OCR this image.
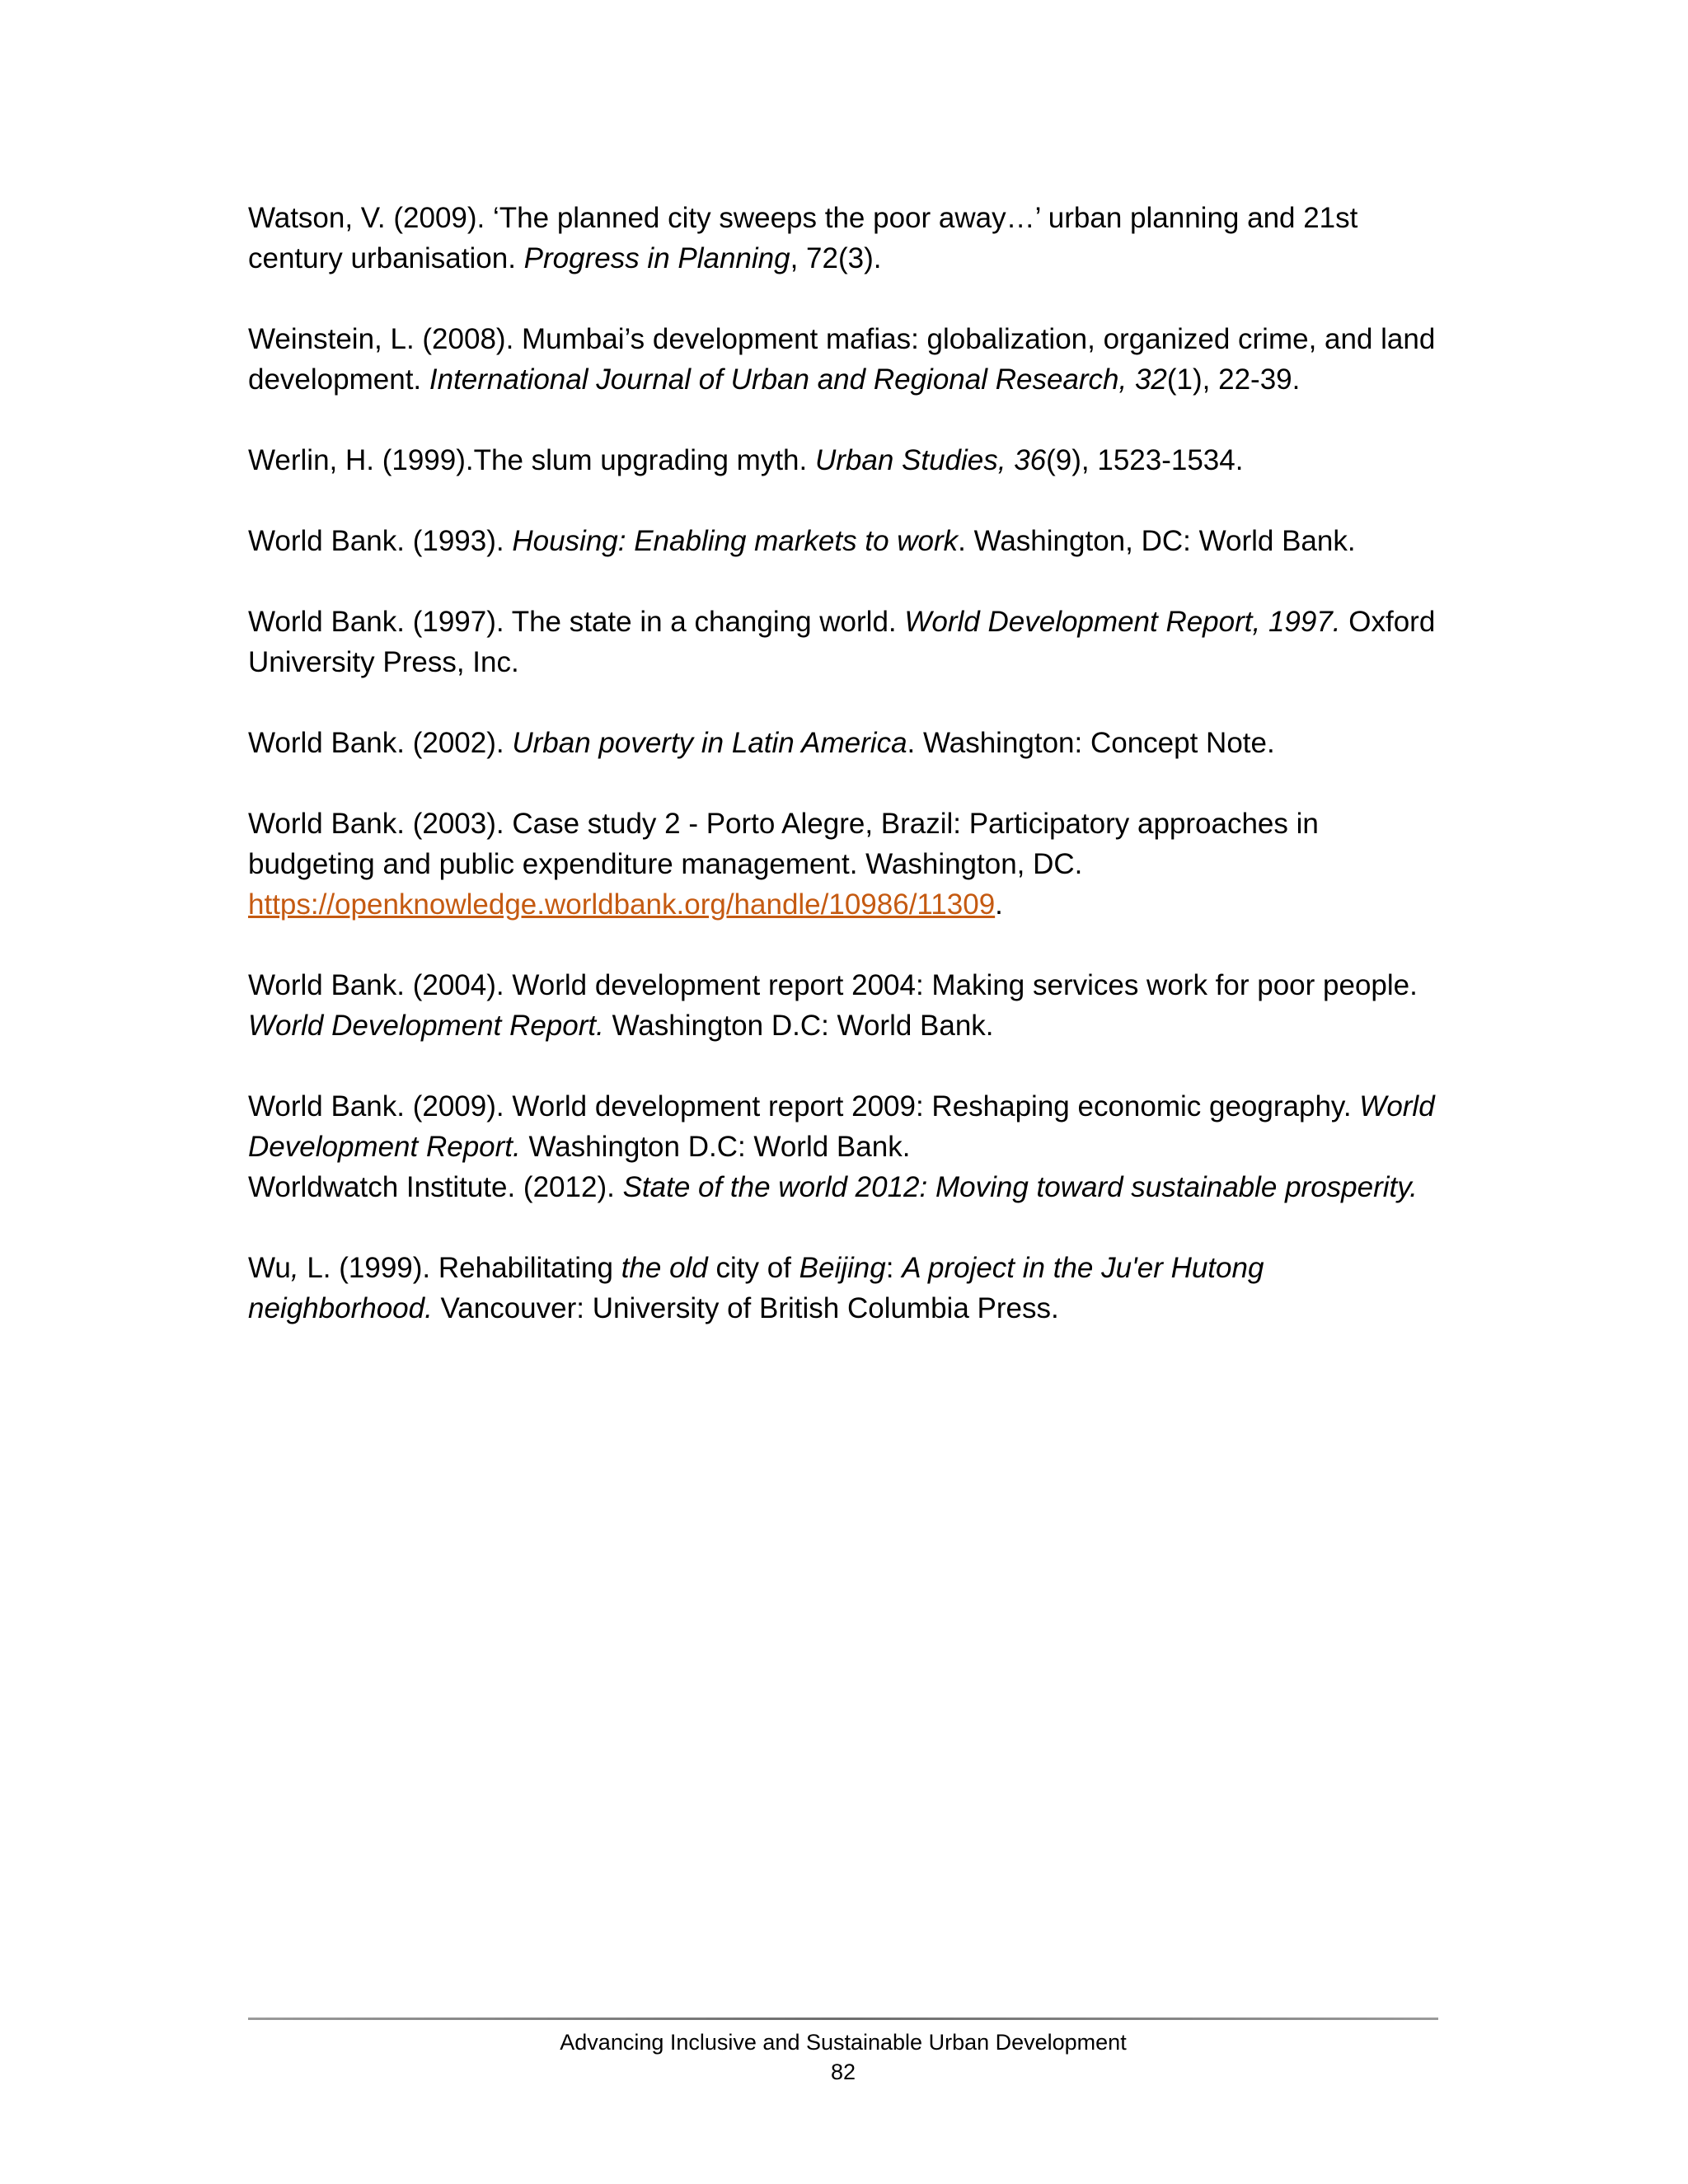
Watson, V. (2009). ‘The planned city sweeps the poor away…’ urban planning and 21st century urbanisation. Progress in Planning, 72(3).

Weinstein, L. (2008). Mumbai’s development mafias: globalization, organized crime, and land development. International Journal of Urban and Regional Research, 32(1), 22-39.

Werlin, H. (1999).The slum upgrading myth. Urban Studies, 36(9), 1523-1534.

World Bank. (1993). Housing: Enabling markets to work. Washington, DC: World Bank.

World Bank. (1997). The state in a changing world. World Development Report, 1997. Oxford University Press, Inc.

World Bank. (2002). Urban poverty in Latin America. Washington: Concept Note.

World Bank. (2003). Case study 2 - Porto Alegre, Brazil: Participatory approaches in budgeting and public expenditure management. Washington, DC. https://openknowledge.worldbank.org/handle/10986/11309.

World Bank. (2004). World development report 2004: Making services work for poor people. World Development Report. Washington D.C: World Bank.

World Bank. (2009). World development report 2009: Reshaping economic geography. World Development Report. Washington D.C: World Bank.

Worldwatch Institute. (2012). State of the world 2012: Moving toward sustainable prosperity.

Wu, L. (1999). Rehabilitating the old city of Beijing: A project in the Ju'er Hutong neighborhood. Vancouver: University of British Columbia Press.

Advancing Inclusive and Sustainable Urban Development
82
